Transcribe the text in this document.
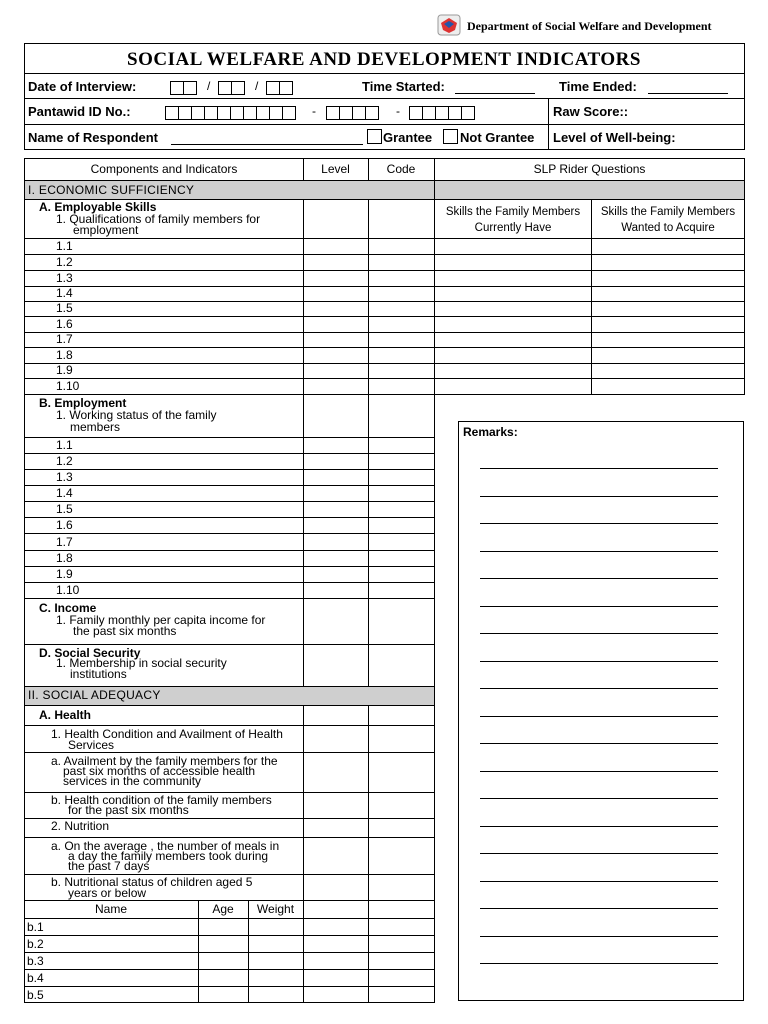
Department of Social Welfare and Development
SOCIAL WELFARE AND DEVELOPMENT INDICATORS
Date of Interview:	/	/	Time Started:	Time Ended:
Pantawid ID No.:	-	-	Raw Score::
Name of Respondent	Grantee Not Grantee Level of Well-being:
Components and Indicators	Level	Code	SLP Rider Questions
I. ECONOMIC SUFFICIENCY
A. Employable Skills
1. Qualifications of family members for
employment
Skills the Family Members
Currently Have
Skills the Family Members
Wanted to Acquire
1.1
1.2
1.3
1.4
1.5
1.6
1.7
1.8
1.9
1.10
B. Employment
1. Working status of the family
members
1.1
1.2
1.3
1.4
1.5
1.6
1.7
1.8
1.9
1.10
C. Income
1. Family monthly per capita income for
the past six months
D. Social Security
1. Membership in social security
institutions
II. SOCIAL ADEQUACY
A. Health
1. Health Condition and Availment of Health
Services
a. Availment by the family members for the
past six months of accessible health
services in the community
b. Health condition of the family members
for the past six months
2. Nutrition
a. On the average , the number of meals in
a day the family members took during
the past 7 days
b. Nutritional status of children aged 5
years or below
Name	Age	Weight
b.1
b.2
b.3
b.4
b.5
Remarks:
